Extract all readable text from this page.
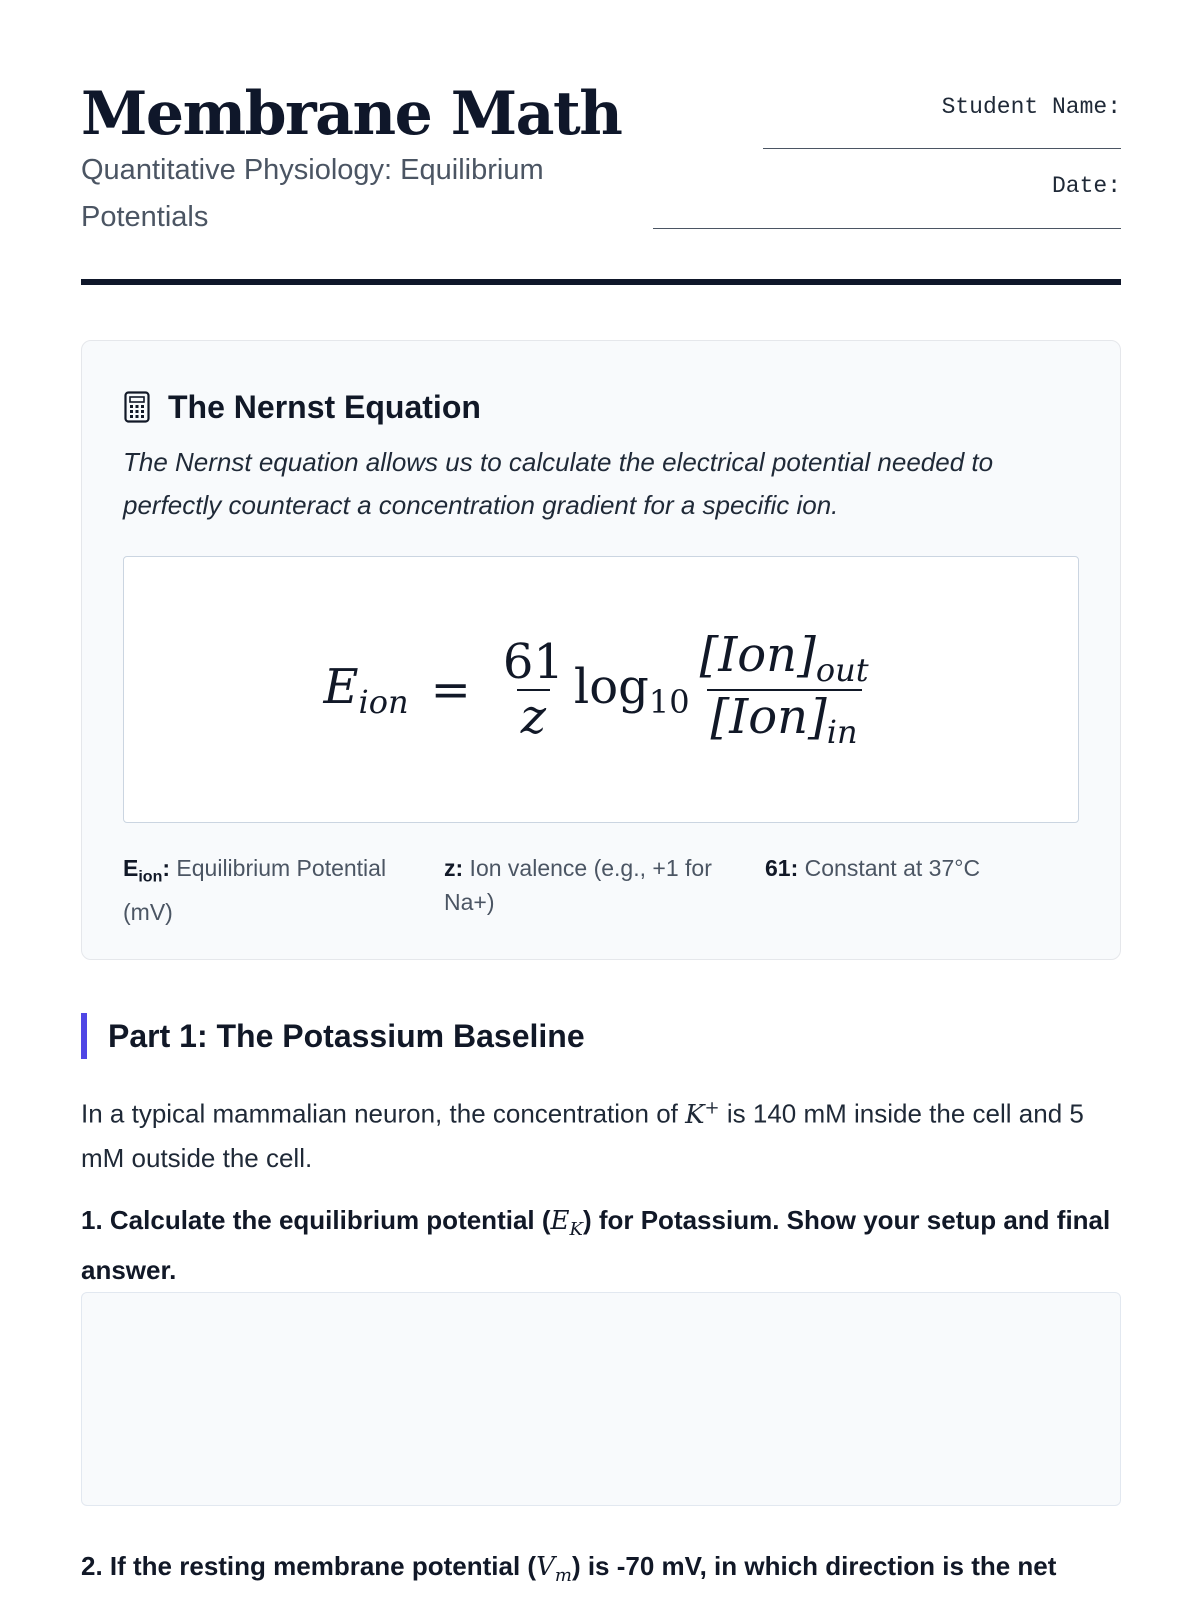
Membrane Math
Quantitative Physiology: Equilibrium Potentials
Student Name:
Date:
The Nernst Equation

The Nernst equation allows us to calculate the electrical potential needed to perfectly counteract a concentration gradient for a specific ion.

$E_{ion} = \frac{61}{z} \log_{10} \frac{[Ion]_{out}}{[Ion]_{in}}$
$E_{ion}$: Equilibrium Potential (mV)
z: Ion valence (e.g., +1 for Na+)
61: Constant at 37°C
Part 1: The Potassium Baseline

In a typical mammalian neuron, the concentration of K+ is 140 mM inside the cell and 5 mM outside the cell.

1. Calculate the equilibrium potential $(E_K)$ for Potassium. Show your setup and final answer.

2. If the resting membrane potential $(V_m)$ is -70 mV, in which direction is the net
